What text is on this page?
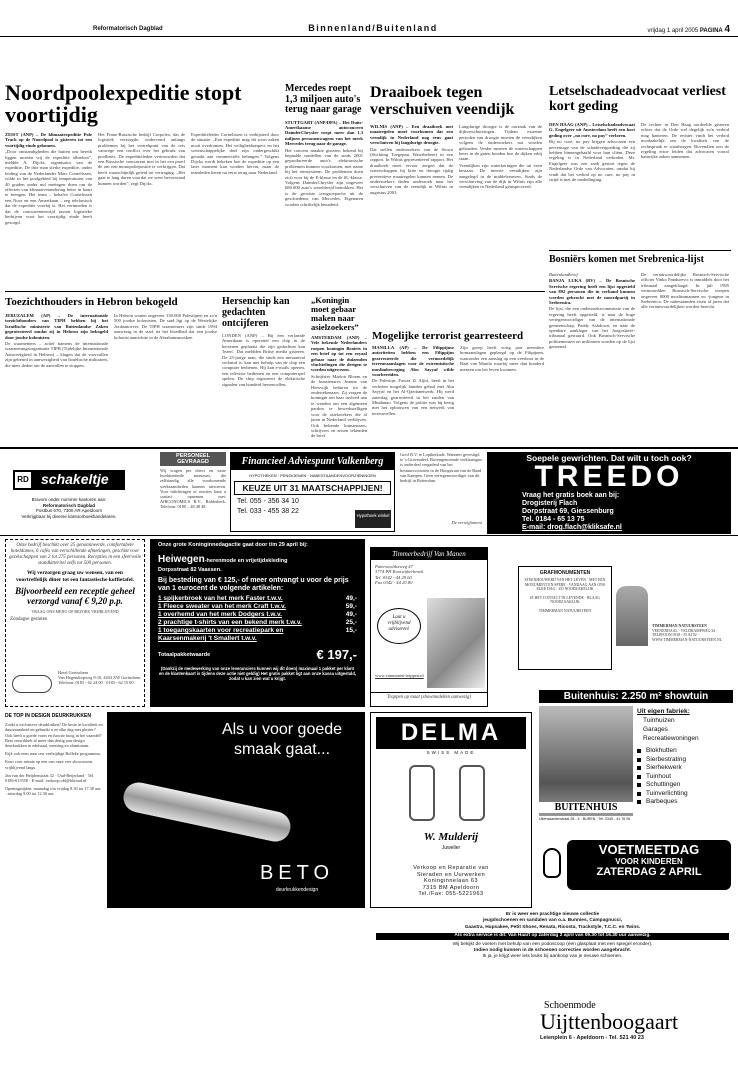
Reformatorisch Dagblad	Binnenland/Buitenland	vrijdag 1 april 2005 PAGINA 4
Noordpoolexpeditie stopt voortijdig

ZEIST (ANP) – De klimaatexpeditie Pole Track op de Noordpool is gisteren tot een voortijdig einde gekomen.

„Door omstandigheden die buiten ons bereik liggen moeten wij de expeditie afbreken”, meldde A. Dijcks, organisator van de expeditie. De drie man sterke expeditie, onder leiding van de Nederlander Marc Cornelissen, wilde in het poolgebied bij temperaturen van 40 graden onder nul metingen doen om de effecten van klimaatverandering beter in kaart te brengen. Het team – behalve Cornelissen een Noor en een Amerikaan – zeg telefonisch dat de expeditie voorbij is. Het vermoeden is dat de concurrentiestrijd tussen logistieke bedrijven voor het voortijdig einde heeft gezorgd.

Het Franz-Russische bedrijf Corpolex, dat de logistiek verzorgde, ondervond onlangs problemen bij het vertrekpunt van de reis vanwege een conflict over het gebruik van poolbasis. De expeditieleden vertrouwden dat een Russische concurrent met in het een proef de om een monopoliepositie te verkrijgen. Dat heeft waarschijnlijk geleid tot vertraging. „Het gaat te lang duren voordat we weer bevoorraad kunnen worden”, zegt Dijcks.

Expeditieleider Cornelissen is verbijsterd door de situatie. „Een expeditie mag dit soort zaken nooit overkomen. Het veiligheidsaspect en het wetenschappelijke doel zijn ondergeschikt geraakt aan commerciële belangen.” Volgens Dijcks wordt bekeken hoe de expeditie op een later moment kan worden hervat, maar de teamleden keren nu eerst terug naar Nederland.

Mercedes roept 1,3 miljoen auto's terug naar garage

STUTTGART (ANP/DPA) – Het Duits-Amerikaanse autoconcern DaimlerChrysler roept meer dan 1,3 miljoen personenwagens van het merk Mercedes terug naar de garage.

Het concern maakte gisteren bekend bij bepaalde modellen van de sinds 2001 geproduceerde auto's elektronische problemen kunnen voorkomen, met name bij het remsysteem. De problemen doen zich voor bij de E-klasse en de SL-klasse. Volgens DaimlerChrysler zijn ongeveer 680.000 auto's wereldwijd betrokken. Het is de grootste terugroepactie uit de geschiedenis van Mercedes. Eigenaren worden schriftelijk benaderd.

Draaiboek tegen verschuiven veendijk

WILNIS (ANP) – Een draaiboek met maatregelen moet voorkomen dat een veendijk in Nederland nog eens gaat verschuiven bij langdurige droogte.

Dat stellen onderzoekers van de Stowa (Stichting Toegepast Waterbeheer) in een rapport. In Wilnis gepresenteerd rapport. Het draaiboek moet ervoor zorgen dat de waterschappen bij hitte en droogte tijdig preventieve maatregelen kunnen nemen. De onderzoekers deden onderzoek naar het verschuiven van de veendijk in Wilnis in augustus 2003.

Langdurige droogte is de oorzaak van de dijkverschuivingen. Tijdens extreme perioden van droogte moeten de veendijken volgens de onderzoekers nat worden gehouden. Verder moeten de waterschappen beter in de gaten houden hoe de dijken erbij staan.

Veendijken zijn waterkeringen die uit veen bestaan. De meeste veendijken zijn aangelegd in de middeleeuwen. Sinds de verschuiving van de dijk in Wilnis zijn alle veendijken in Nederland geïnspecteerd.

Letselschadeadvocaat verliest kort geding

DEN HAAG (ANP) – Letselschadeadvocaat G. Engelgeer uit Amsterdam heeft een kort geding over „no cure, no pay” verloren.

Bij no cure, no pay krijgen advocaten een percentage van de schadevergoeding die zij hebben binnengehaald voor hun cliënt. Deze regeling is in Nederland verboden. Mr. Engelgeer was een zaak gestart tegen de Nederlandse Orde van Advocaten, omdat hij vindt dat het verbod op no cure, no pay in strijd is met de mededinging.

De rechter in Den Haag oordeelde gisteren echter dat de Orde wel degelijk zo'n verbod mag hanteren. De rechter vindt het verbod noodzakelijk om de kwaliteit van de rechtspraak te waarborgen. Bovendien zou de regeling ertoe leiden dat advocaten vooral kansrijke zaken aannemen.

Toezichthouders in Hebron bekogeld

JERUZALEM (AP) – De internationale toezichthouders van TIPH hebben bij het Israëlische ministerie van Buitenlandse Zaken geprotesteerd omdat zij in Hebron zijn bekogeld door joodse kolonisten.

De waarnemers – actief namens de internationale waarnemingsorganisatie TIPH (Tijdelijke Internationale Aanwezigheid in Hebron) – klagen dat de voorvallen zijn gebeurd in aanwezigheid van Israëlische militairen, die niets deden om de aanvallen te stoppen.

In Hebron wonen ongeveer 130.000 Palestijnen en zo'n 500 joodse kolonisten. De stad ligt op de Westelijke Jordaanoever. De TIPH waarnemers zijn sinds 1994 aanwezig in de stad, na het bloedbad dat een joodse kolonist aanrichtte in de Abrahamsmoskee.

Hersenchip kan gedachten ontcijferen

LONDEN (ANP) – Bij een verlamde Amerikaan is operatief een chip in de hersenen geplaatst die zijn gedachten kan 'lezen'. Dat meldden Britse media gisteren. De 25-jarige man, die sinds een mesaanval verlamd is, kan met behulp van de chip een computer bedienen. Hij kan e-mails openen, een televisie bedienen en een computerspel spelen. De chip registreert de elektrische signalen van honderd hersencellen.

„Koningin moet gebaar maken naar asielzoekers”

AMSTERDAM (ANP) – Vele bekende Nederlanders roepen koningin Beatrix in een brief op tot een royaal gebaar naar de duizenden vluchtelingen die dreigen te worden uitgewezen.

Schrijfster Marion Bloem en de kunstenares Jeanne van Heeswijk behoren tot de ondertekenaars. Zij vragen de koningin om haar invloed aan te wenden om een algemeen pardon te bewerkstelligen voor de asielzoekers die al jaren in Nederland verblijven. Ook bekende kunstenaars, schrijvers en artsen tekenden de brief.

Mogelijke terrorist gearresteerd

MANILLA (AP) – De Filippijnse autoriteiten hebben een Filippijns gearresteerde die vermoedelijk terreuraanslagen voor de extremistische moslimbeweging Abu Sayyaf wilde voorbereiden.

De Palestijn, Fawaz Zi Aljiri, heeft in het verleden mogelijk banden gehad met Abu Sayyaf en het Al-Qaedanetwerk. Hij werd zaterdag gearresteerd in het zuiden van Mindanao. Volgens de politie was hij bezig met het opbouwen van een netwerk van terreurcellen.

Zijn groep heeft vorig jaar meerdere bomaanslagen gepleegd op de Filipijnen, waaronder een aanslag op een veerboot in de Baai van Manila waarbij meer dan honderd mensen om het leven kwamen.

Bosniërs komen met Srebrenica-lijst

Buitenlandbrief

BANJA LUKA (RV) – De Bosnische Servische regering heeft een lijst opgesteld van 892 personen die in verband kunnen worden gebracht met de moordpartij in Srebrenica.

De lijst, die een onderzoekscommissie van de regering heeft opgesteld, is naar de hoge vertegenwoordiger van de internationale gemeenschap, Paddy Ashdown, en naar de openbare aanklager van het Joegoslavië-tribunaal gestuurd. Ook Bosnisch-Servische politiemensen en militairen worden op de lijst genoemd.

De verantwoordelijke Bosnisch-Servische officier Vinko Pandurevic is inmiddels door het tribunaal aangeklaagd. In juli 1995 vermoordden Bosnisch-Servische troepen ongeveer 8000 moslimmannen en -jongens in Srebrenica. De nabestaanden eisen al jaren dat alle verantwoordelijken worden berecht.

RD schakeltje
Bravom onder nummer kantoren aan:
Reformatorisch Dagblad
Postbus 670, 7300 AR Apeldoorn
Verkrijgbaar bij diverse kantoorboekhandelaren.
PERSONEEL
GEVRAAGD
Wij vragen per direct en vaste kwekkenhode monteurs, die zelfstandig alle voorkomende werkzaamheden kunnen uitvoeren. Voor inlichtingen of reacties kunt u contact opnemen met: AIRCONOMICS B.V., Ridderkerk. Telefoon: 0180 – 48 48 48.
Financieel Adviespunt Valkenberg
HYPOTHEKEN · PENSIOENEN · NABESTAANDENVOORZIENINGEN
KEUZE UIT 31 MAATSCHAPPIJEN!
Tel. 055 - 356 34 10
Tel. 033 - 455 38 22
Hypotheek winkel
Greif B.V. te Lopikerkade. Wanneer gevestigd te 's-Gravendeel. Bovengenoemde verklaringen is onderdeel vergaderd van het bestuursvoorzien in de Hoogstraat van de Raad van Kampen. Geen vertegenwoordiger van dit bedrijf in Rotterdam.
De verwijfoment
Soepele gewrichten. Dat wilt u toch ook?
TREEDO
Vraag het gratis boek aan bij:
Drogisterij Flach
Dorpstraat 69, Giessenburg
Tel. 0184 - 65 13 75
E-mail: drog.flach@kliksafe.nl
Onze bedrijf beschikt over 25 genomineerde, comfortabele hoteldames, 6 cafés van verschillende afmetingen, geschikt voor gezelschappen van 2 tot 275 personen. Recepties in een sfeervolle standkitteritel zelfs tot 500 personen.
Wij verzorgen graag uw wensen, van een voortreffelijk diner tot een fantastische koffietafel.
Bijvoorbeeld een receptie geheel verzorgd vanaf € 9,20 p.p.
VRAAG ONS MENU OF BEZOEK VRIJBLIJVEND
Zondagse gesloten
Hotel Gorinchem
Van Hogendorpweg 8-10, 4204 XW Gorinchem
Telefoon: 0183 - 62 24 00 · 0183 - 62 15 00
Onze grote Koninginnedagactie gaat door t/m 29 april bij:
Heiwegen-herenmode en vrijetijdskleding
Dorpsstraat 82 Vaassen.
Bij besteding van € 125,- of meer ontvangt u voor de prijs van 1 eurocent de volgende artikelen:
1 spijkerbroek van het merk Faster t.w.v.	49,-
1 Fleece sweater van het merk Craft t.w.v.	59,-
1 overhemd van het merk Dodgers t.w.v.	49,-
2 prachtige t-shirts van een bekend merk t.w.v.	25,-
1 toegangskaarten voor recreatiepark en Kaarsenmakerij 't Smallert t.w.v.
15,-
Totaalpakketwaarde	€ 197,-
(Dankzij de medewerking van onze leveranciers kunnen wij dit doen) maximaal 1 pakket per klant en de klantenkaart is tijdens deze actie niet geldig) Het gratis pakket ligt aan onze kassa uitgestald, zodat u kan zien wat u krijgt.
Timmerbedrijf Van Manen
Paterswoldseweg 47
3774 PH Kootwijkerbroek
Tel. 0342 - 44 29 60
Fax 0342 - 44 20 80
Laat u
vrijblijvend
adviseren!
www.vanmanen-trappen.nl
Trappen op maat (showmodellen aanwezig)
GRAFMONUMENTEN
STEENHOUWERIJ VAN HET LEVEN · MET EEN MONUMENT EN SFERE · VANDAAG AAN ONS ELKE DAG · ZO NOODZAKELIJK
JE HET CONTACT IN LEVENDE · BLAAG NOODZAAKLIJK
TIMMERMAN NATUURSTEEN
TIMMERMAN NATUURSTEEN
VEENENDAAL · VELDKAMPWEG 34 · TELEFOON 0318 - 55 04 92 · WWW.TIMMERMAN-NATUURSTEEN.NL
Buitenhuis: 2.250 m² showtuin
BUITENHUIS
Uiterwaardenstraat 28 - 4 · BUREN · Tel. 0345 - 41 76 06
Uit eigen fabriek:
Tuinhuizen
Garages
Recreatiewoningen
Blokhutten
Sierbestrating
Sierhekwerk
Tuinhout
Schuttingen
Tuinverlichting
Barbeques
DELMA
SWISS MADE
W. Mulderij
Juwelier
Verkoop en Reparatie van
Sieraden en Uurwerken
Koninginnelaan 63
7315 BM Apeldoorn
Tel./Fax: 055-5221963

DE TOP IN DESIGN DEURKRUKKEN

Zoekt u exclusieve deurklinken? De beste in kwaliteit en duurzaamheid en gebruikt u ze elke dag met plezier? Ook heeft u goede vorm en functie hoog in het vaandel? Beto ontwikkelt al meer dan dertig jaar design deurkrukken in edelstaal, messing en aluminium.

Kijk ook eens naar ons veelzijdige Rolleke programma.

Kom voor ruimte op een van onze vier showrooms vrijblijvend langs.

Jan van der Heijdenstraat 32 · Oud-Beijerland · Tel. 0186-613558 · E-mail: verkoop.obl@hbroad.nl

Openingstijden: maandag t/m vrijdag 8.30 tot 17.30 uur · zaterdag 9.00 tot 12.30 uur

Als u voor goede smaak gaat...
BETO
deurkrukkendesign
VOETMEETDAG
VOOR KINDEREN
ZATERDAG 2 APRIL
Er is weer een prachtige nieuwe collectie
jeugdschoenen en sandalen van o.a. Bunnies, Campagnucci,
Gaastra, Hupsakee, Petit Shoes, Renata, Ricosta, Trackstyle, T.C.C. en Twins.
Als extra service is dit: Van Haart op zaterdag 2 april van 09.30 tot 16.30 uur aanwezig.
Wij bekijkt de voeten met behulp van een podoscoop (een glasplaat met een spiegel eronder).
Indien nodig kunnen in de schoenen correcties worden aangebracht.
Ik ja, je krijgt weer iets leuks bij aankoop van je nieuwe schoenen.
Schoenmode
Uijttenboogaart
Leienplein 6 - Apeldoorn - Tel. 521 40 23
